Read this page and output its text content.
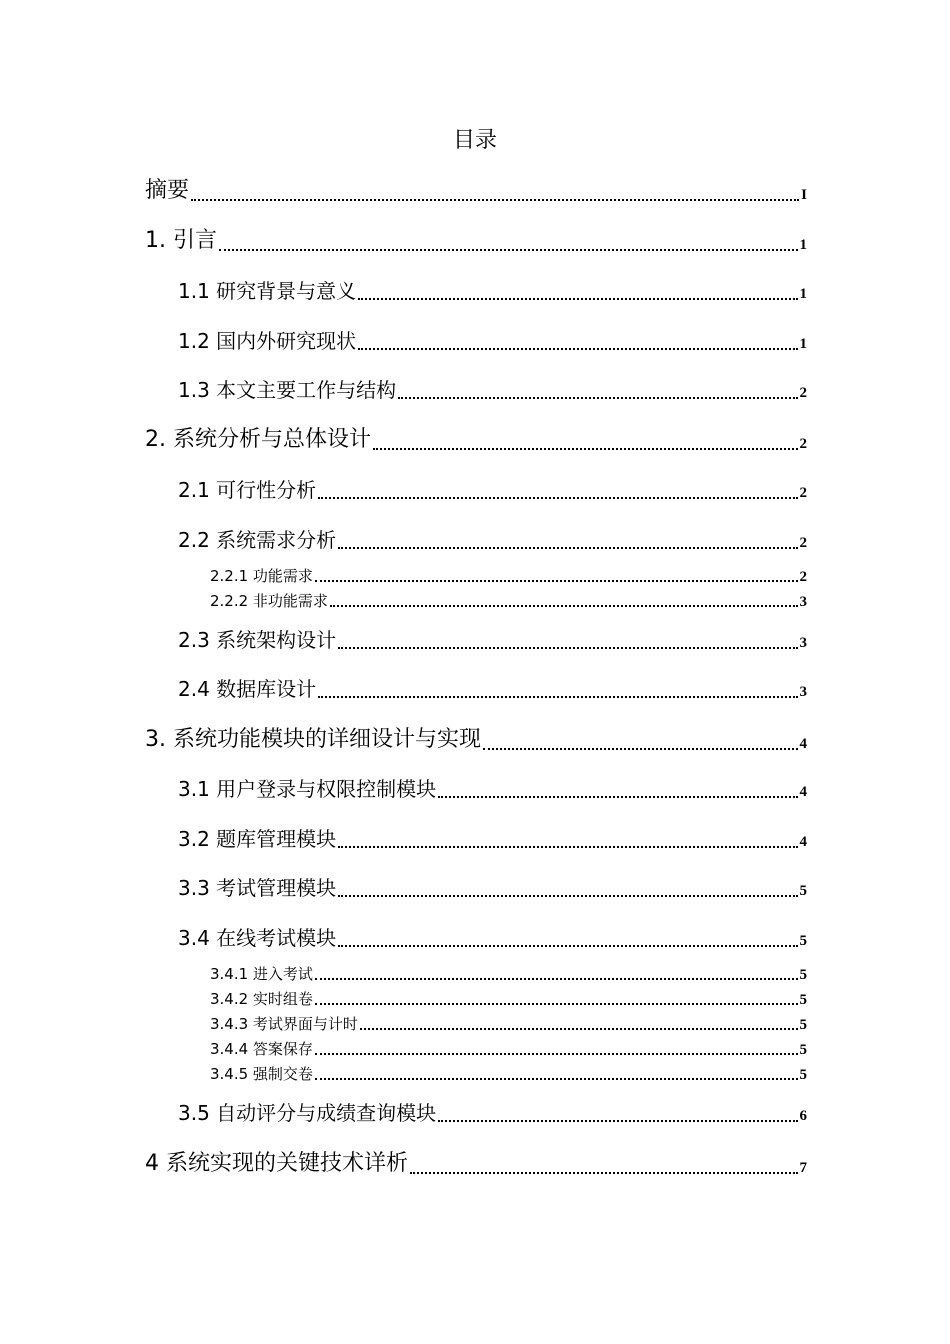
目录
摘要	I
1. 引言	1
1.1 研究背景与意义	1
1.2 国内外研究现状	1
1.3 本文主要工作与结构	2
2. 系统分析与总体设计	2
2.1 可行性分析	2
2.2 系统需求分析	2
2.2.1 功能需求	2
2.2.2 非功能需求	3
2.3 系统架构设计	3
2.4 数据库设计	3
3. 系统功能模块的详细设计与实现	4
3.1 用户登录与权限控制模块	4
3.2 题库管理模块	4
3.3 考试管理模块	5
3.4 在线考试模块	5
3.4.1 进入考试	5
3.4.2 实时组卷	5
3.4.3 考试界面与计时	5
3.4.4 答案保存	5
3.4.5 强制交卷	5
3.5 自动评分与成绩查询模块	6
4 系统实现的关键技术详析	7
